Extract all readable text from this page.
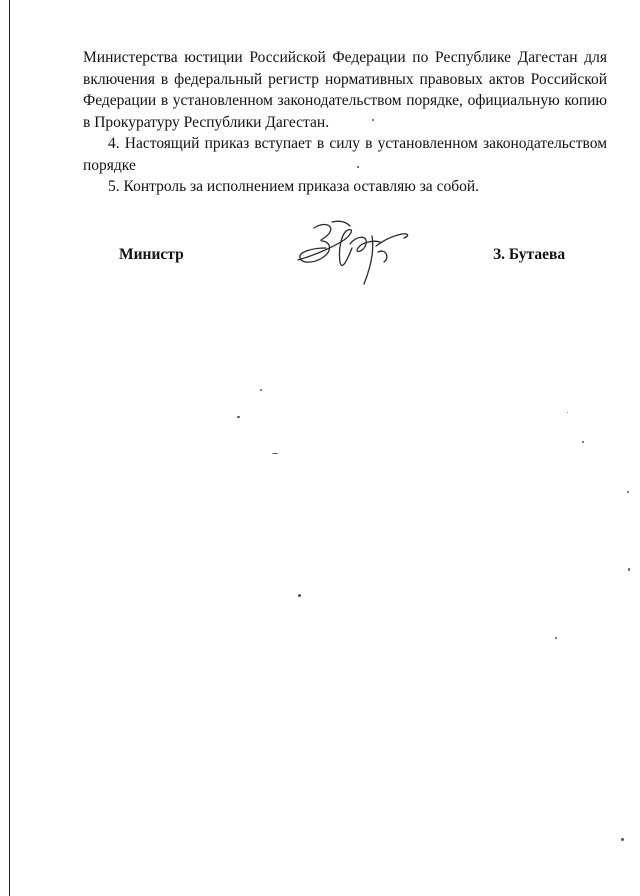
Министерства юстиции Российской Федерации по Республике Дагестан для включения в федеральный регистр нормативных правовых актов Российской Федерации в установленном законодательством порядке, официальную копию в Прокуратуру Республики Дагестан.

4. Настоящий приказ вступает в силу в установленном законодательством порядке

5. Контроль за исполнением приказа оставляю за собой.

Министр	З. Бутаева
